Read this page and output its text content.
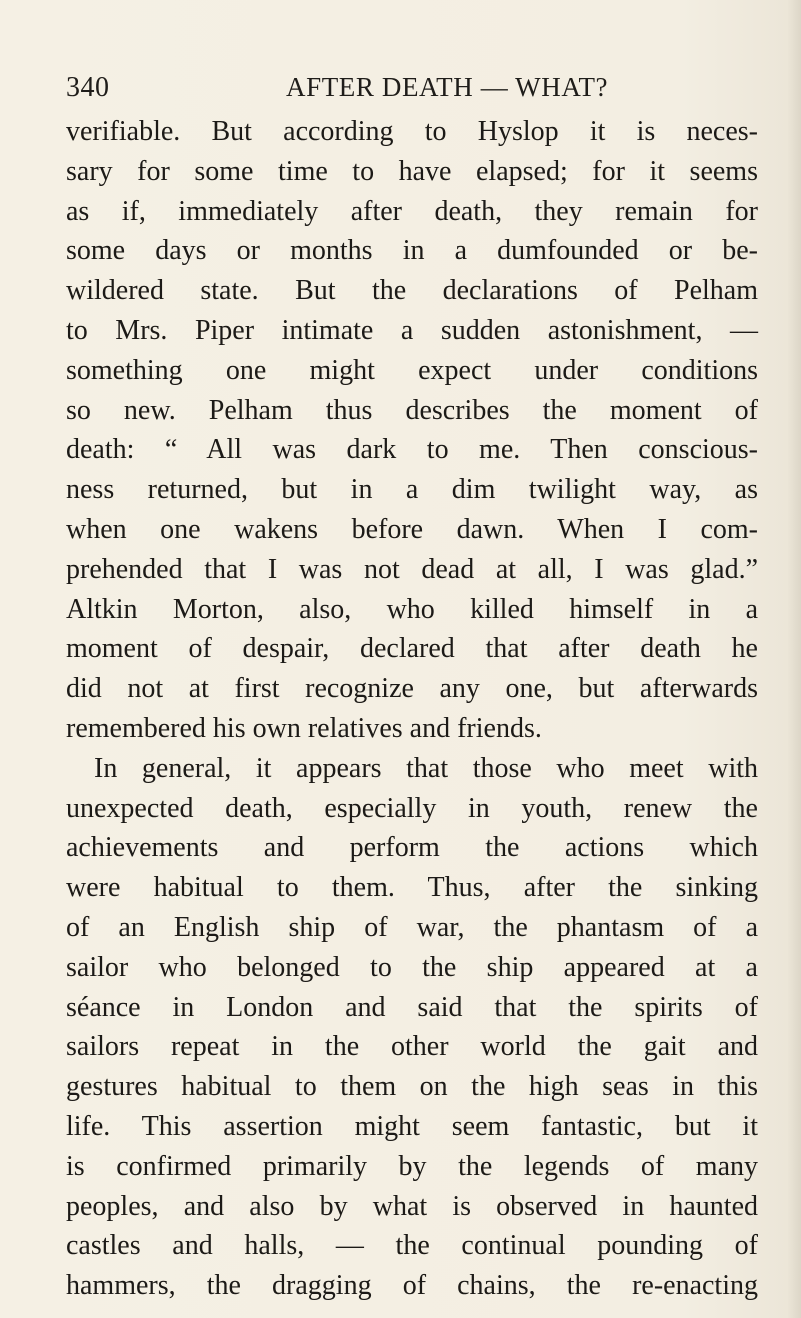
340	AFTER DEATH — WHAT?
verifiable. But according to Hyslop it is neces-
sary for some time to have elapsed; for it seems
as if, immediately after death, they remain for
some days or months in a dumfounded or be-
wildered state. But the declarations of Pelham
to Mrs. Piper intimate a sudden astonishment, —
something one might expect under conditions
so new. Pelham thus describes the moment of
death: “ All was dark to me. Then conscious-
ness returned, but in a dim twilight way, as
when one wakens before dawn. When I com-
prehended that I was not dead at all, I was glad.”
Altkin Morton, also, who killed himself in a
moment of despair, declared that after death he
did not at first recognize any one, but afterwards
remembered his own relatives and friends.
In general, it appears that those who meet with
unexpected death, especially in youth, renew the
achievements and perform the actions which
were habitual to them. Thus, after the sinking
of an English ship of war, the phantasm of a
sailor who belonged to the ship appeared at a
séance in London and said that the spirits of
sailors repeat in the other world the gait and
gestures habitual to them on the high seas in this
life. This assertion might seem fantastic, but it
is confirmed primarily by the legends of many
peoples, and also by what is observed in haunted
castles and halls, — the continual pounding of
hammers, the dragging of chains, the re-enacting
